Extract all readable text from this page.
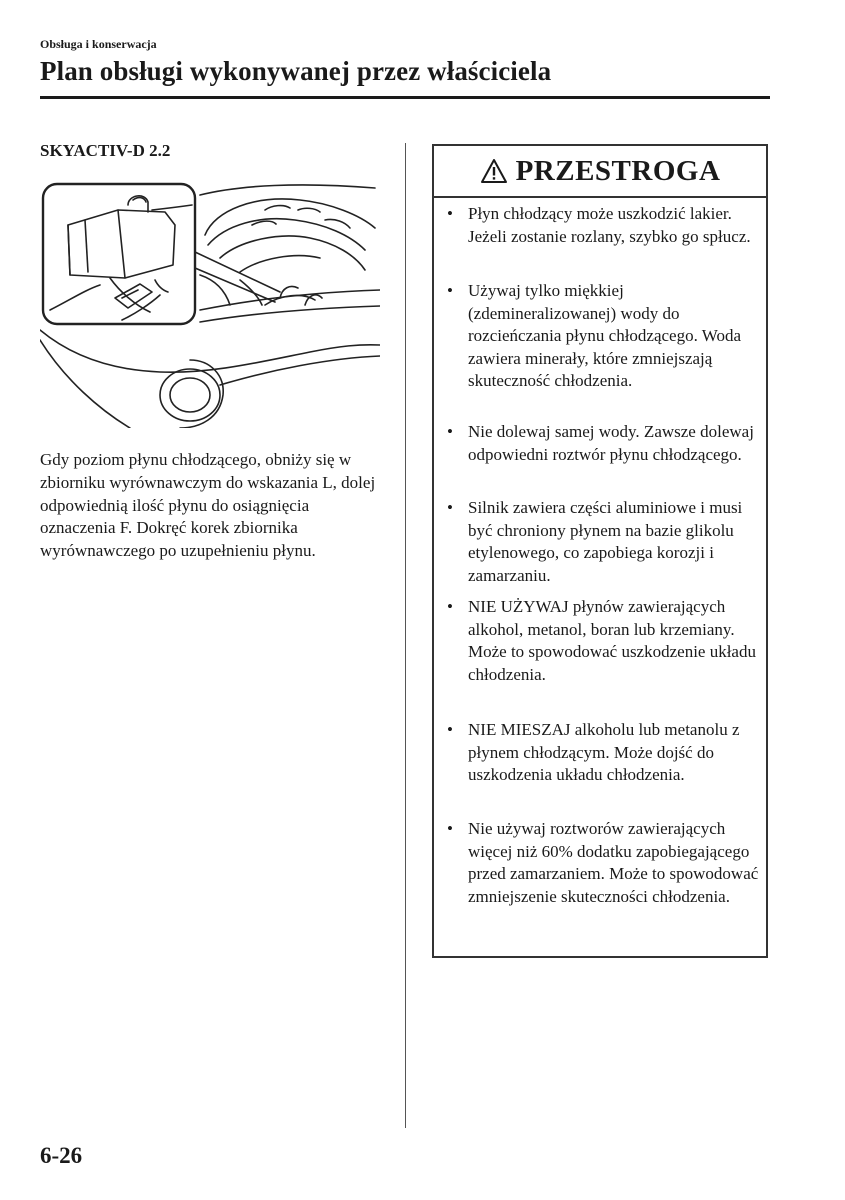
Obsługa i konserwacja
Plan obsługi wykonywanej przez właściciela
SKYACTIV-D 2.2

Gdy poziom płynu chłodzącego, obniży się w zbiorniku wyrównawczym do wskazania L, dolej odpowiednią ilość płynu do osiągnięcia oznaczenia F. Dokręć korek zbiornika wyrównawczego po uzupełnieniu płynu.

PRZESTROGA
• Płyn chłodzący może uszkodzić lakier. Jeżeli zostanie rozlany, szybko go spłucz.
• Używaj tylko miękkiej (zdemineralizowanej) wody do rozcieńczania płynu chłodzącego. Woda zawiera minerały, które zmniejszają skuteczność chłodzenia.
• Nie dolewaj samej wody. Zawsze dolewaj odpowiedni roztwór płynu chłodzącego.
• Silnik zawiera części aluminiowe i musi być chroniony płynem na bazie glikolu etylenowego, co zapobiega korozji i zamarzaniu.
• NIE UŻYWAJ płynów zawierających alkohol, metanol, boran lub krzemiany. Może to spowodować uszkodzenie układu chłodzenia.
• NIE MIESZAJ alkoholu lub metanolu z płynem chłodzącym. Może dojść do uszkodzenia układu chłodzenia.
• Nie używaj roztworów zawierających więcej niż 60% dodatku zapobiegającego przed zamarzaniem. Może to spowodować zmniejszenie skuteczności chłodzenia.
6-26
